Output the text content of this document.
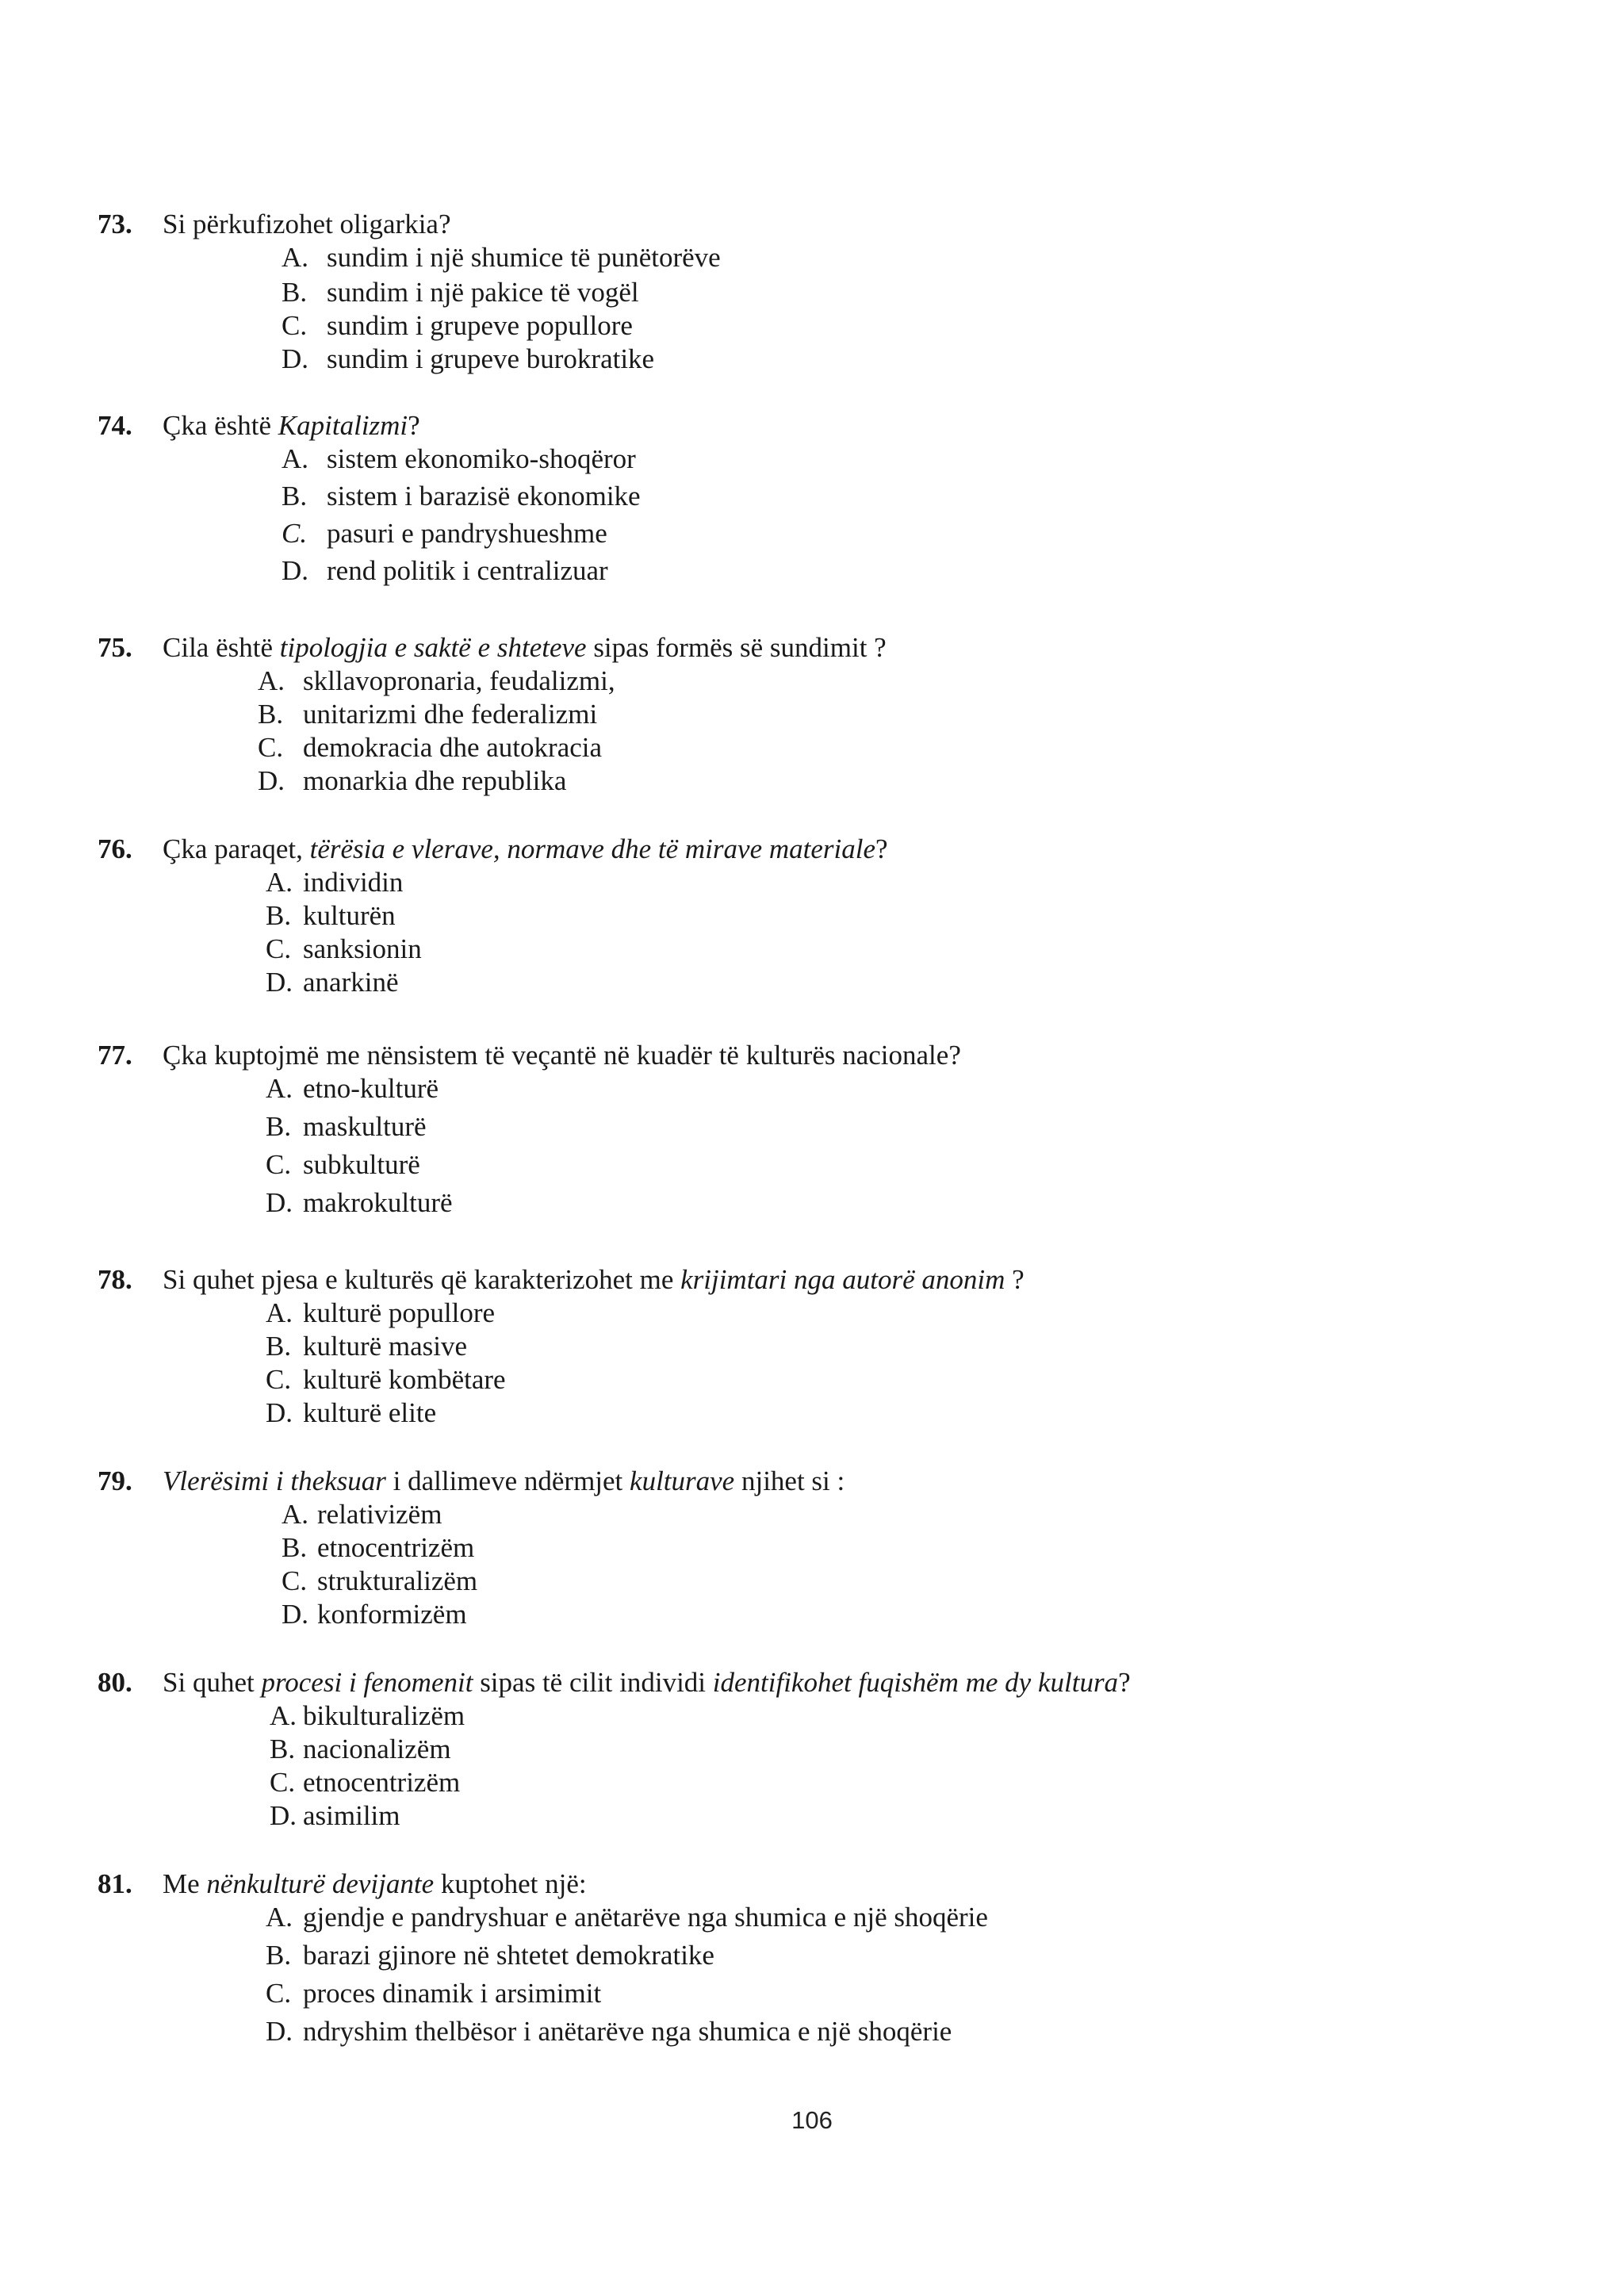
73. Si përkufizohet oligarkia?
A. sundim i një shumice të punëtorëve
B. sundim i një pakice të vogël
C. sundim i grupeve popullore
D. sundim i grupeve burokratike
74. Çka është Kapitalizmi?
A. sistem ekonomiko-shoqëror
B. sistem i barazisë ekonomike
C. pasuri e pandryshueshme
D. rend politik i centralizuar
75. Cila është tipologjia e saktë e shteteve sipas formës së sundimit ?
A. skllavopronaria, feudalizmi,
B. unitarizmi dhe federalizmi
C. demokracia dhe autokracia
D. monarkia dhe republika
76. Çka paraqet, tërësia e vlerave, normave dhe të mirave materiale?
A. individin
B. kulturën
C. sanksionin
D. anarkinë
77. Çka kuptojmë me nënsistem të veçantë në kuadër të kulturës nacionale?
A. etno-kulturë
B. maskulturë
C. subkulturë
D. makrokulturë
78. Si quhet pjesa e kulturës që karakterizohet me krijimtari nga autorë anonim ?
A. kulturë popullore
B. kulturë masive
C. kulturë kombëtare
D. kulturë elite
79. Vlerësimi i theksuar i dallimeve ndërmjet kulturave njihet si :
A. relativizëm
B. etnocentrizëm
C. strukturalizëm
D. konformizëm
80. Si quhet procesi i fenomenit sipas të cilit individi identifikohet fuqishëm me dy kultura?
A. bikulturalizëm
B. nacionalizëm
C. etnocentrizëm
D. asimilim
81. Me nënkulturë devijante kuptohet një:
A. gjendje e pandryshuar e anëtarëve nga shumica e një shoqërie
B. barazi gjinore në shtetet demokratike
C. proces dinamik i arsimimit
D. ndryshim thelbësor i anëtarëve nga shumica e një shoqërie
106
